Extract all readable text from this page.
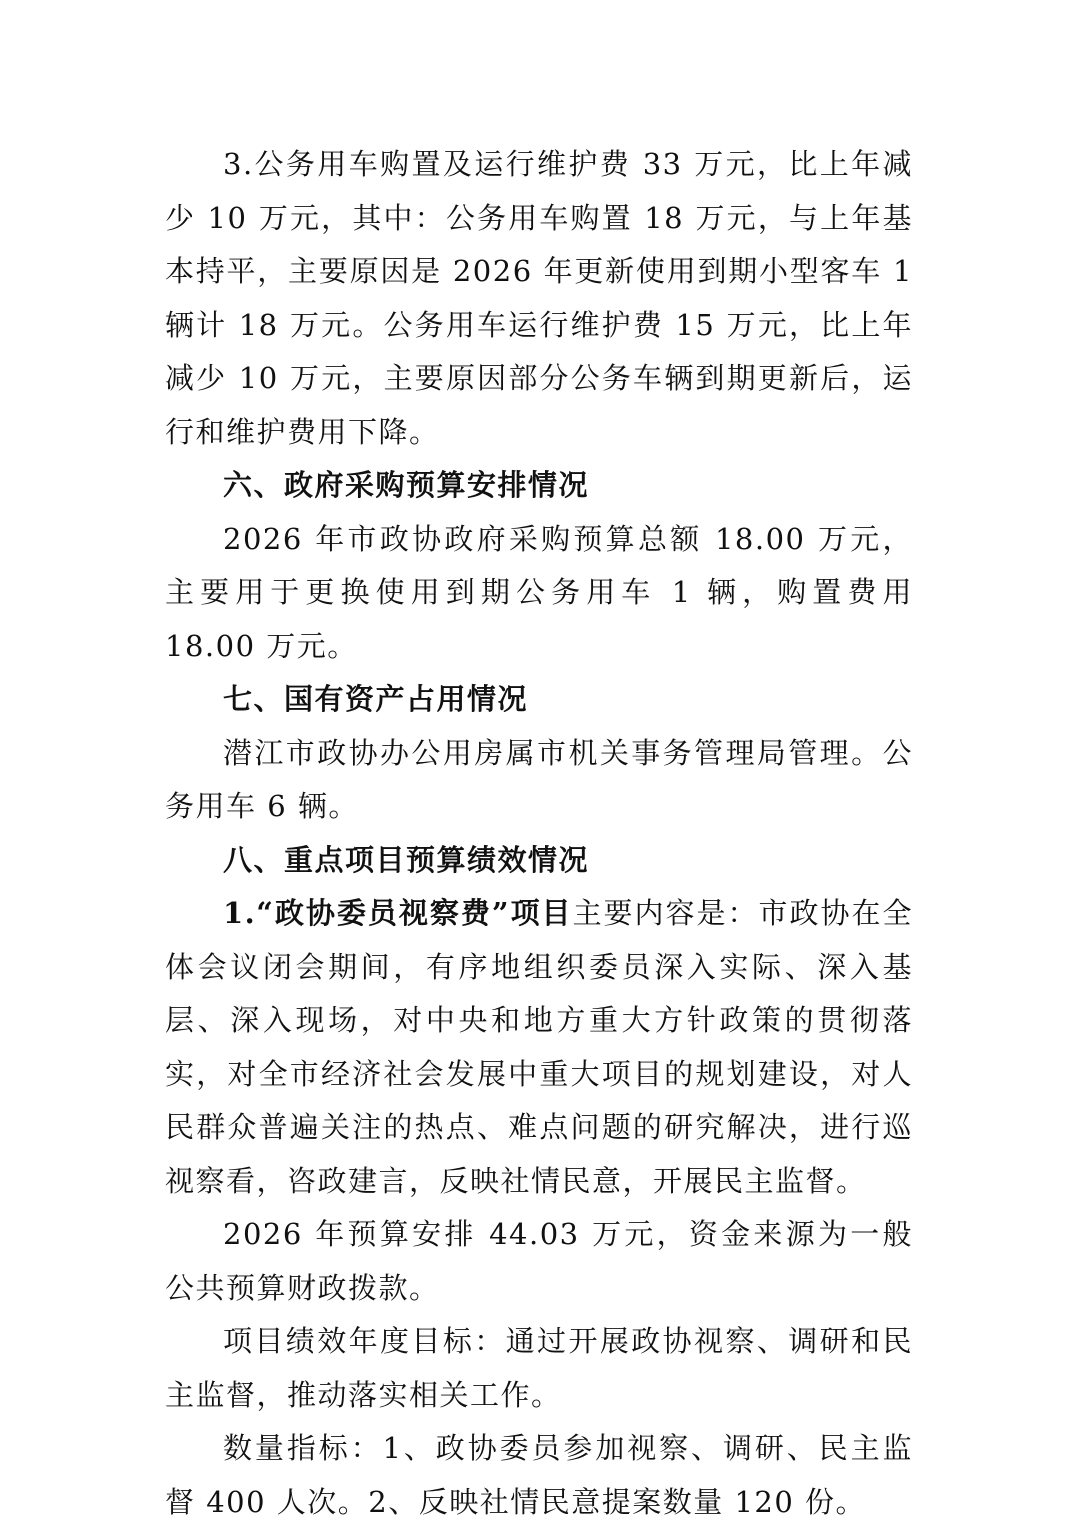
3.公务用车购置及运行维护费 33 万元，比上年减少 10 万元，其中：公务用车购置 18 万元，与上年基本持平，主要原因是 2026 年更新使用到期小型客车 1 辆计 18 万元。公务用车运行维护费 15 万元，比上年减少 10 万元，主要原因部分公务车辆到期更新后，运行和维护费用下降。

六、政府采购预算安排情况

2026 年市政协政府采购预算总额 18.00 万元，主要用于更换使用到期公务用车 1 辆，购置费用 18.00 万元。

七、国有资产占用情况

潜江市政协办公用房属市机关事务管理局管理。公务用车 6 辆。

八、重点项目预算绩效情况

1.“政协委员视察费”项目主要内容是：市政协在全体会议闭会期间，有序地组织委员深入实际、深入基层、深入现场，对中央和地方重大方针政策的贯彻落实，对全市经济社会发展中重大项目的规划建设，对人民群众普遍关注的热点、难点问题的研究解决，进行巡视察看，咨政建言，反映社情民意，开展民主监督。

2026 年预算安排 44.03 万元，资金来源为一般公共预算财政拨款。

项目绩效年度目标：通过开展政协视察、调研和民主监督，推动落实相关工作。

数量指标：1、政协委员参加视察、调研、民主监督 400 人次。2、反映社情民意提案数量 120 份。
